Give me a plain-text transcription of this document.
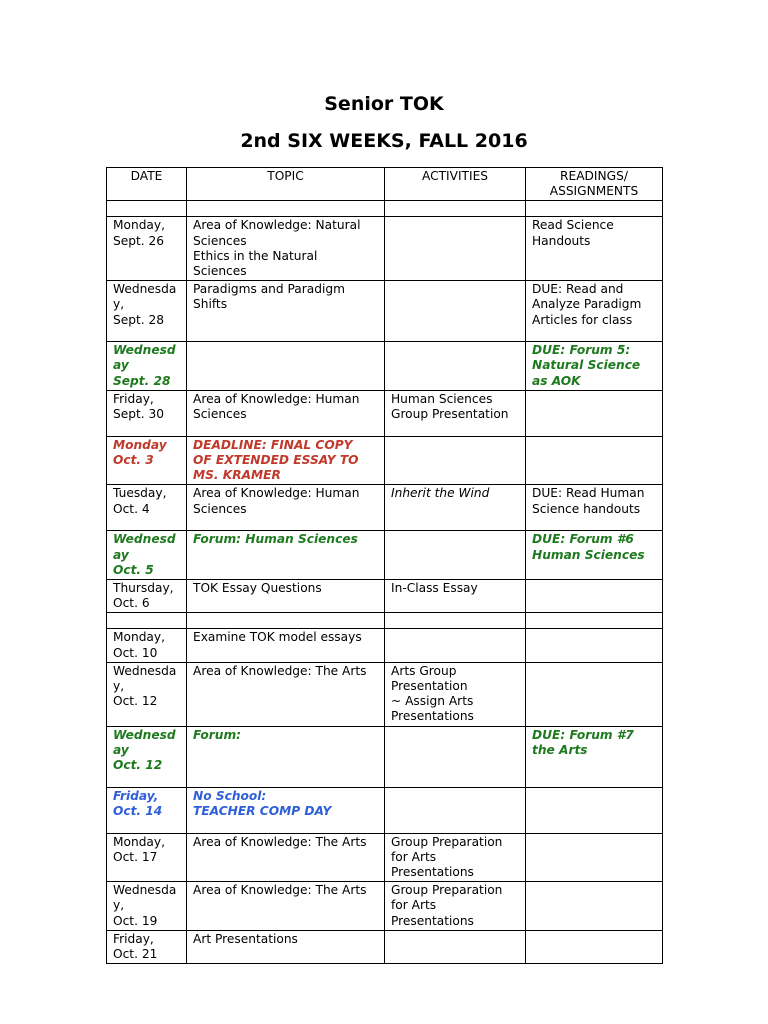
Senior TOK
2nd SIX WEEKS, FALL 2016
DATE	TOPIC	ACTIVITIES	READINGS/
ASSIGNMENTS

Monday,
Sept. 26	Area of Knowledge: Natural
Sciences
Ethics in the Natural
Sciences		Read Science
Handouts

Wednesda
y,
Sept. 28	Paradigms and Paradigm
Shifts		DUE: Read and
Analyze Paradigm
Articles for class

Wednesd
ay
Sept. 28			DUE: Forum 5:
Natural Science
as AOK

Friday,
Sept. 30	Area of Knowledge: Human
Sciences	Human Sciences
Group Presentation	

Monday
Oct. 3	DEADLINE: FINAL COPY
OF EXTENDED ESSAY TO
MS. KRAMER		

Tuesday,
Oct. 4	Area of Knowledge: Human
Sciences	Inherit the Wind	DUE: Read Human
Science handouts

Wednesd
ay
Oct. 5	Forum: Human Sciences		DUE: Forum #6
Human Sciences

Thursday,
Oct. 6	TOK Essay Questions	In-Class Essay	

Monday,
Oct. 10	Examine TOK model essays		

Wednesda
y,
Oct. 12	Area of Knowledge: The Arts	Arts Group
Presentation
~ Assign Arts
Presentations	

Wednesd
ay
Oct. 12	Forum:		DUE: Forum #7
the Arts

Friday,
Oct. 14	No School:
TEACHER COMP DAY		

Monday,
Oct. 17	Area of Knowledge: The Arts	Group Preparation
for Arts
Presentations	

Wednesda
y,
Oct. 19	Area of Knowledge: The Arts	Group Preparation
for Arts
Presentations	

Friday,
Oct. 21	Art Presentations		
